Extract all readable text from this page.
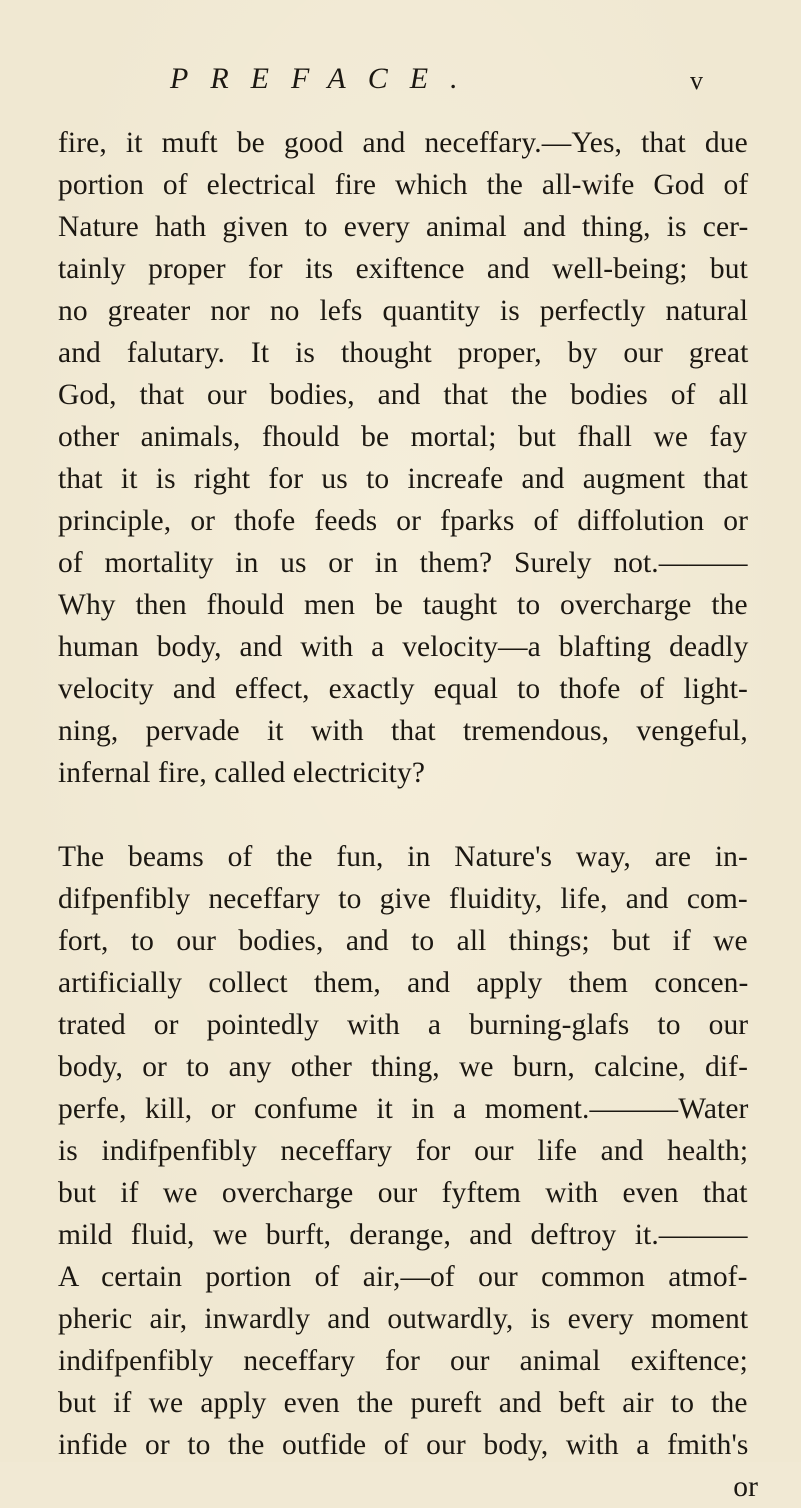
PREFACE.	v
fire, it muft be good and neceffary.—Yes, that due
portion of electrical fire which the all-wife God of
Nature hath given to every animal and thing, is cer-
tainly proper for its exiftence and well-being; but
no greater nor no lefs quantity is perfectly natural
and falutary. It is thought proper, by our great
God, that our bodies, and that the bodies of all
other animals, fhould be mortal; but fhall we fay
that it is right for us to increafe and augment that
principle, or thofe feeds or fparks of diffolution or
of mortality in us or in them? Surely not.———
Why then fhould men be taught to overcharge the
human body, and with a velocity—a blafting deadly
velocity and effect, exactly equal to thofe of light-
ning, pervade it with that tremendous, vengeful,
infernal fire, called electricity?
The beams of the fun, in Nature's way, are in-
difpenfibly neceffary to give fluidity, life, and com-
fort, to our bodies, and to all things; but if we
artificially collect them, and apply them concen-
trated or pointedly with a burning-glafs to our
body, or to any other thing, we burn, calcine, dif-
perfe, kill, or confume it in a moment.———Water
is indifpenfibly neceffary for our life and health;
but if we overcharge our fyftem with even that
mild fluid, we burft, derange, and deftroy it.———
A certain portion of air,—of our common atmof-
pheric air, inwardly and outwardly, is every moment
indifpenfibly neceffary for our animal exiftence;
but if we apply even the pureft and beft air to the
infide or to the outfide of our body, with a fmith's
or
